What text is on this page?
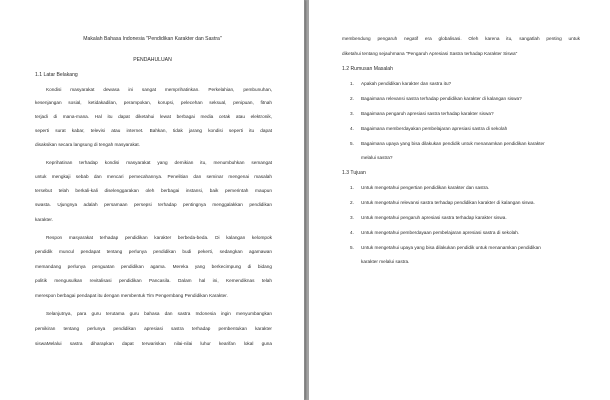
Makalah Bahasa Indonesia "Pendidikan Karakter dan Sastra"

PENDAHULUAN

1.1 Latar Belakang

Kondisi masyarakat dewasa ini sangat memprihatinkan. Perkelahian, pembunuhan,

kesenjangan sosial, ketidakadilan, perampokan, korupsi, pelecehan seksual, penipuan, fitnah

terjadi di mana-mana. Hal itu dapat diketahui lewat berbagai media cetak atau elektronik,

seperti surat kabar, televisi atau internet. Bahkan, tidak jarang kondisi seperti itu dapat

disaksikan secara langsung di tengah masyarakat.

Keprihatinan terhadap kondisi masyarakat yang demikian itu, menumbuhkan semangat

untuk mengkaji sebab dan mencari pemecahannya. Penelitian dan seminar mengenai masalah

tersebut telah berkali-kali diselenggarakan oleh berbagai instansi, baik pemerintah maupun

swasta. Ujungnya adalah persamaan persepsi terhadap pentingnya menggalakkan pendidikan

karakter.

Respon masyarakat terhadap pendidikan karakter berbeda-beda. Di kalangan kelompok

pendidik muncul pendapat tentang perlunya pendidikan budi pekerti, sedangkan agamawan

memandang perlunya penguatan pendidikan agama. Mereka yang berkecimpung di bidang

politik mengusulkan revitalisasi pendidikan Pancasila. Dalam hal ini, Kemendiknas telah

merespon berbagai pendapat itu dengan membentuk Tim Pengembang Pendidikan Karakter.

Selanjutnya, para guru terutama guru bahasa dan sastra Indonesia ingin menyumbangkan

pemikiran tentang perlunya pendidikan apresiasi sastra terhadap pembentukan karakter

siswaMelalui sastra diharapkan dapat terwariskan nilai-nilai luhur kearifan lokal guna

membendung pengaruh negatif era globalisasi. Oleh karena itu, sangatlah penting untuk

diketahui tentang sejauhmana "Pengaruh Apresiasi Sastra terhadap Karakter Siswa"

1.2 Rumusan Masalah

1. Apakah pendidikan karakter dan sastra itu?

2. Bagaimana relevansi sastra terhadap pendidikan karakter di kalangan siswa?

3. Bagaimana pengaruh apresiasi sastra terhadap karakter siswa?

4. Bagaimana memberdayakan pembelajaran apresiasi sastra di sekolah

5. Bagaimana upaya yang bisa dilakukan pendidik untuk menanamkan pendidikan karakter

melalui sastra?

1.3 Tujuan

1. Untuk mengetahui pengertian pendidikan karakter dan sastra.

2. Untuk mengetahui relevansi sastra terhadap pendidikan karakter di kalangan siswa.

3. Untuk mengetahui pengaruh apresiasi sastra terhadap karakter siswa.

4. Untuk mengetahui pemberdayaan pembelajaran apresiasi sastra di sekolah.

5. Untuk mengetahui upaya yang bisa dilakukan pendidik untuk menanamkan pendidikan

karakter melalui sastra.
